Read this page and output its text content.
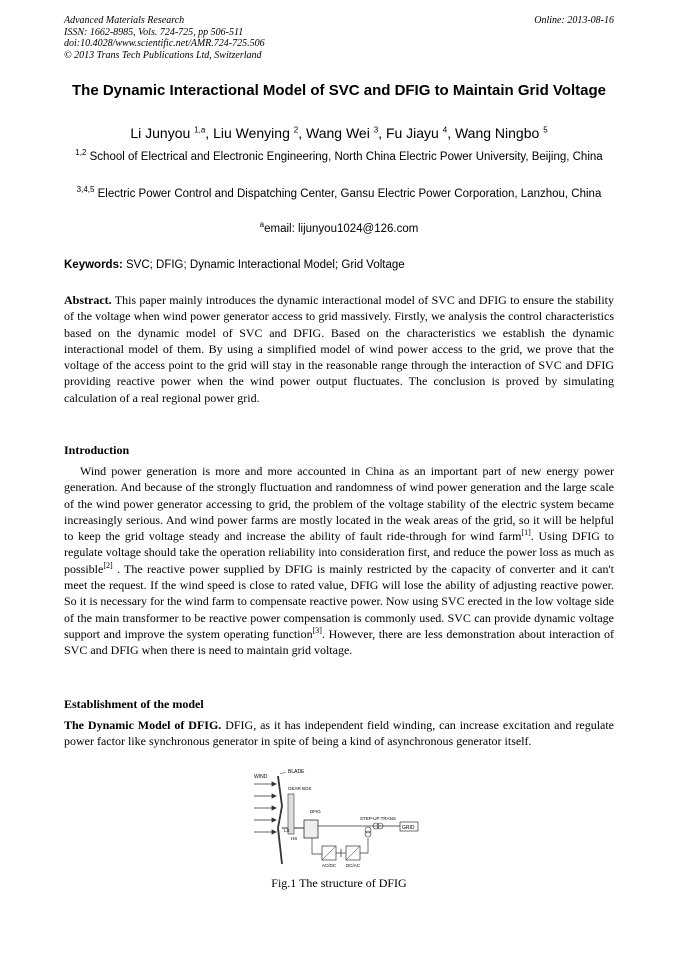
Advanced Materials Research
ISSN: 1662-8985, Vols. 724-725, pp 506-511
doi:10.4028/www.scientific.net/AMR.724-725.506
© 2013 Trans Tech Publications Ltd, Switzerland
Online: 2013-08-16
The Dynamic Interactional Model of SVC and DFIG to Maintain Grid Voltage
Li Junyou $^{1,a}$, Liu Wenying $^2$, Wang Wei $^3$, Fu Jiayu $^4$, Wang Ningbo $^5$
$^{1,2}$ School of Electrical and Electronic Engineering, North China Electric Power University, Beijing, China
$^{3,4,5}$ Electric Power Control and Dispatching Center, Gansu Electric Power Corporation, Lanzhou, China
$^a$email: lijunyou1024@126.com
Keywords: SVC; DFIG; Dynamic Interactional Model; Grid Voltage
Abstract. This paper mainly introduces the dynamic interactional model of SVC and DFIG to ensure the stability of the voltage when wind power generator access to grid massively. Firstly, we analysis the control characteristics based on the dynamic model of SVC and DFIG. Based on the characteristics we establish the dynamic interactional model of them. By using a simplified model of wind power access to the grid, we prove that the voltage of the access point to the grid will stay in the reasonable range through the interaction of SVC and DFIG providing reactive power when the wind power output fluctuates. The conclusion is proved by simulating calculation of a real regional power grid.
Introduction
Wind power generation is more and more accounted in China as an important part of new energy power generation. And because of the strongly fluctuation and randomness of wind power generation and the large scale of the wind power generator accessing to grid, the problem of the voltage stability of the electric system became increasingly serious. And wind power farms are mostly located in the weak areas of the grid, so it will be helpful to keep the grid voltage steady and increase the ability of fault ride-through for wind farm[1]. Using DFIG to regulate voltage should take the operation reliability into consideration first, and reduce the power loss as much as possible[2] . The reactive power supplied by DFIG is mainly restricted by the capacity of converter and it can't meet the request. If the wind speed is close to rated value, DFIG will lose the ability of adjusting reactive power. So it is necessary for the wind farm to compensate reactive power. Now using SVC erected in the low voltage side of the main transformer to be reactive power compensation is commonly used. SVC can provide dynamic voltage support and improve the system operating function[3]. However, there are less demonstration about interaction of SVC and DFIG when there is need to maintain grid voltage.
Establishment of the model
The Dynamic Model of DFIG. DFIG, as it has independent field winding, can increase excitation and regulate power factor like synchronous generator in spite of being a kind of asynchronous generator itself.
WIND
BLADE
GEAR BOX
LS
HS
DFIG
STEP-UP TRANS
GRID
AC/DC DC/AC
Fig.1 The structure of DFIG
